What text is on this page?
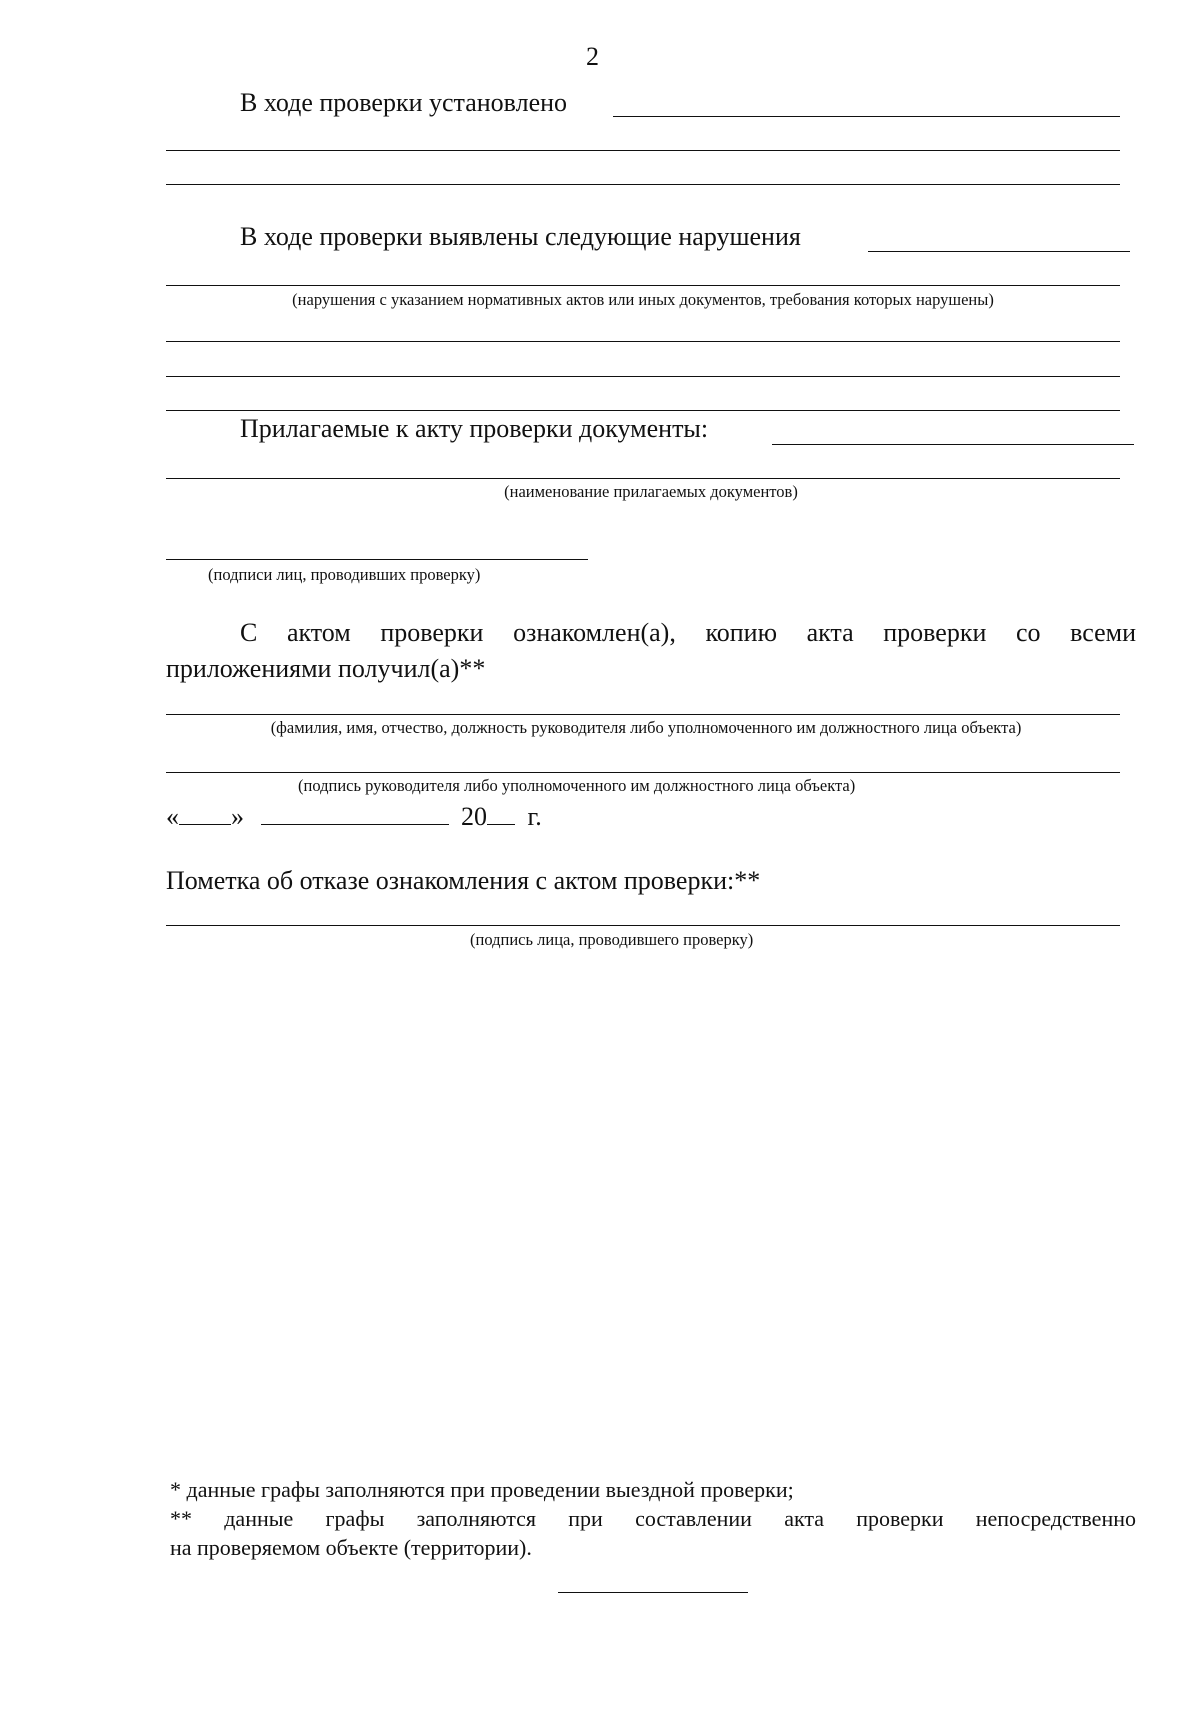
2
В ходе проверки установлено
В ходе проверки выявлены следующие нарушения
(нарушения с указанием нормативных актов или иных документов, требования которых нарушены)
Прилагаемые к акту проверки документы:
(наименование прилагаемых документов)
(подписи лиц, проводивших проверку)
С актом проверки ознакомлен(а), копию акта проверки со всеми
приложениями получил(а)**
(фамилия, имя, отчество, должность руководителя либо уполномоченного им должностного лица объекта)
(подпись руководителя либо уполномоченного им должностного лица объекта)
« »	20 г.
Пометка об отказе ознакомления с актом проверки:**
(подпись лица, проводившего проверку)
* данные графы заполняются при проведении выездной проверки;
** данные графы заполняются при составлении акта проверки непосредственно
на проверяемом объекте (территории).
